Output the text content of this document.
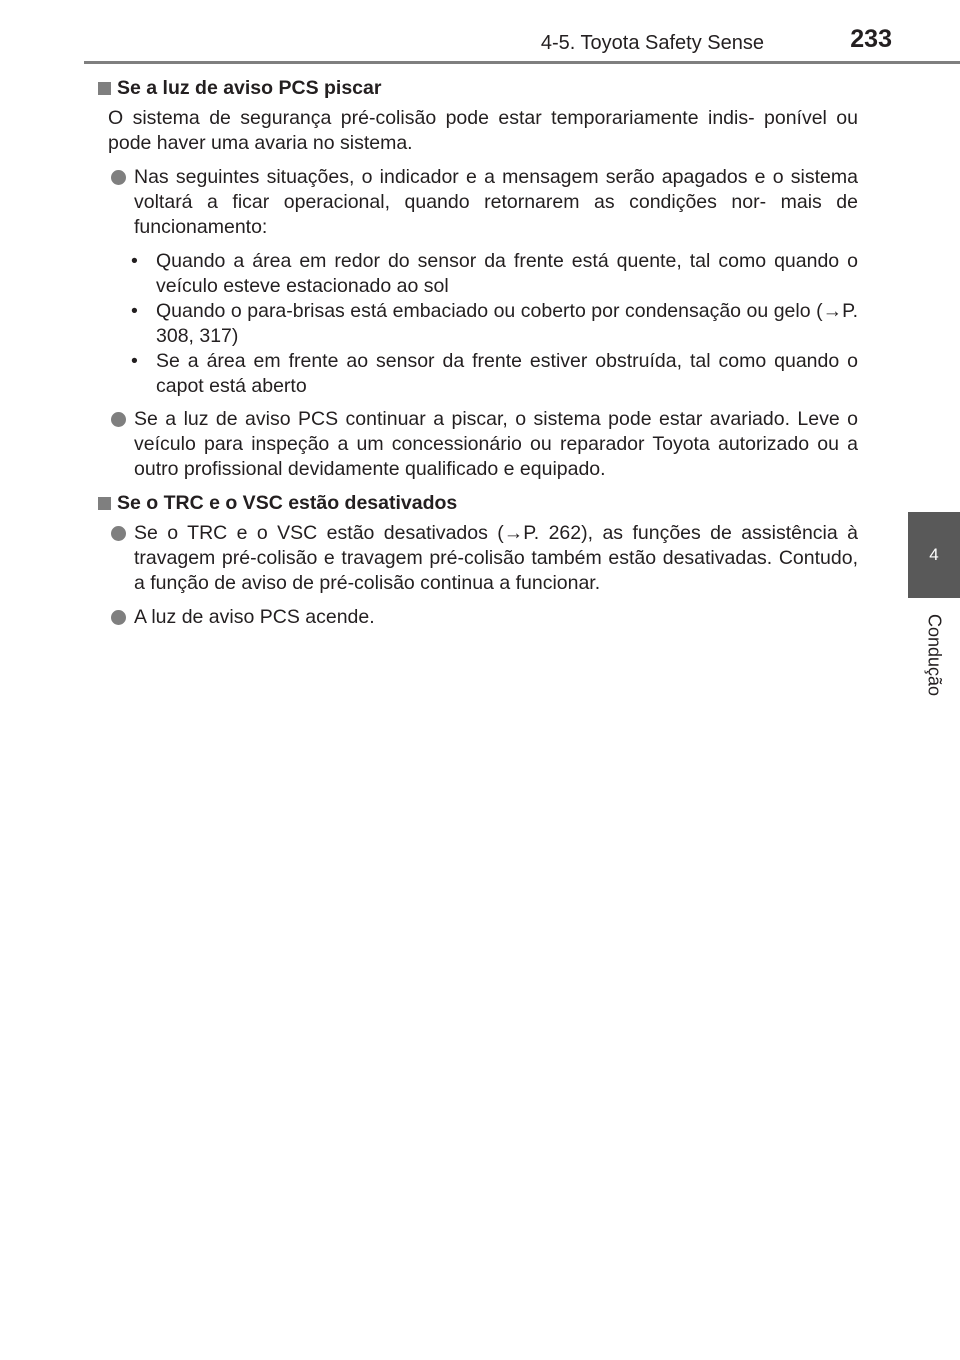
4-5. Toyota Safety Sense	233
4
Condução
Se a luz de aviso PCS piscar

O sistema de segurança pré-colisão pode estar temporariamente indis- ponível ou pode haver uma avaria no sistema.

Nas seguintes situações, o indicador e a mensagem serão apagados e o sistema voltará a ficar operacional, quando retornarem as condições nor- mais de funcionamento:
• Quando a área em redor do sensor da frente está quente, tal como quando o veículo esteve estacionado ao sol
• Quando o para-brisas está embaciado ou coberto por condensação ou gelo (→P. 308, 317)
• Se a área em frente ao sensor da frente estiver obstruída, tal como quando o capot está aberto
Se a luz de aviso PCS continuar a piscar, o sistema pode estar avariado. Leve o veículo para inspeção a um concessionário ou reparador Toyota autorizado ou a outro profissional devidamente qualificado e equipado.
Se o TRC e o VSC estão desativados
Se o TRC e o VSC estão desativados (→P. 262), as funções de assistência à travagem pré-colisão e travagem pré-colisão também estão desativadas. Contudo, a função de aviso de pré-colisão continua a funcionar.
A luz de aviso PCS acende.
